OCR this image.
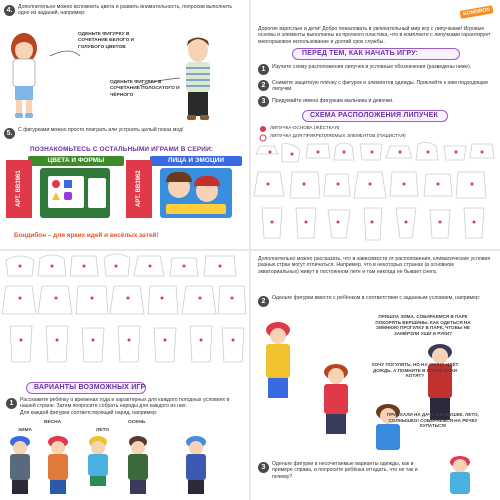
4.	Дополнительно можно вспомнить цвета и развить внимательность, попросив выполнить одно из заданий, например:
ОДЕНЬТЕ ФИГУРКУ В СОЧЕТАНИЕ БЕЛОГО И ГОЛУБОГО ЦВЕТОВ
ОДЕНЬТЕ ФИГУРКУ В СОЧЕТАНИЕ ПОЛОСАТОГО И ЧЁРНОГО
5.	С фигурками можно просто поиграть или устроить целый показ мод!
ПОЗНАКОМЬТЕСЬ С ОСТАЛЬНЫМИ ИГРАМИ В СЕРИИ:
ЦВЕТА И ФОРМЫ
АРТ. ВВ3961
ЛИЦА И ЭМОЦИИ
АРТ. ВВ3962
Бондибон – для ярких идей и весёлых затей!
BONDIBON
Дорогие взрослые и дети! Добро пожаловать в увлекательный мир игр с липучками! Игровые основы и элементы выполнены из прочного пластика, что в комплекте с липучками гарантирует многоразовое использование и долгий срок службы.
ПЕРЕД ТЕМ, КАК НАЧАТЬ ИГРУ:
1	Изучите схему расположения липучек и условные обозначения (разведены ниже).
2	Снимите защитную плёнку с фигурок и элементов одежды. Приклейте к ним подходящие липучки.
3	Придумайте имена фигуркам мальчика и девочки.
СХЕМА РАСПОЛОЖЕНИЯ ЛИПУЧЕК
ЛИПУЧКА-ОСНОВА (ЖЁСТКАЯ)
ЛИПУЧКА ДЛЯ ПРИКРЕПЛЯЕМЫХ ЭЛЕМЕНТОВ (ПУШИСТАЯ)
ВАРИАНТЫ ВОЗМОЖНЫХ ИГР
1	Расскажите ребёнку о временах года и характерных для каждого погодных условиях в нашей стране. Затем попросите собрать наряды для каждого из них:
Для каждой фигурки соответствующий наряд, например:
ВЕСНА	ОСЕНЬ
ЗИМА	ЛЕТО
Дополнительно можно рассказать, что в зависимости от расположения, климатические условия разных стран могут отличаться. Например, что в некоторых странах (в основном экваториальных) живут в постоянном лете и там никогда не бывает снега.
2	Оденьте фигурки вместе с ребёнком в соответствии с заданным условием, например:
ПРИШЛА ЗИМА. СОБИРАЕМСЯ В ПАРК ПОКОРЯТЬ ВЕРШИНЫ. КАК ОДЕТЬСЯ НА ЗИМНЮЮ ПРОГУЛКУ В ПАРК, ЧТОБЫ НЕ ЗАМЁРЗЛИ УШИ И РУКИ?
ХОЧУ ПОГУЛЯТЬ, НО НА УЛИЦЕ ИДЁТ ДОЖДЬ. А ПОМНИТЕ В ПАРКЕ ЛУЖИ КОТЯТ?
ПРИЕХАЛИ НА ДАЧУ К БАБУШКЕ. ЛЕТО, СОЛНЫШКО! СОБИРАЕМСЯ НА РЕЧКУ КУПАТЬСЯ!
3	Оденьте фигурки в несочетаемые варианты одежды, как в примере справа, и попросите ребёнка отгадать, что не так и почему?
